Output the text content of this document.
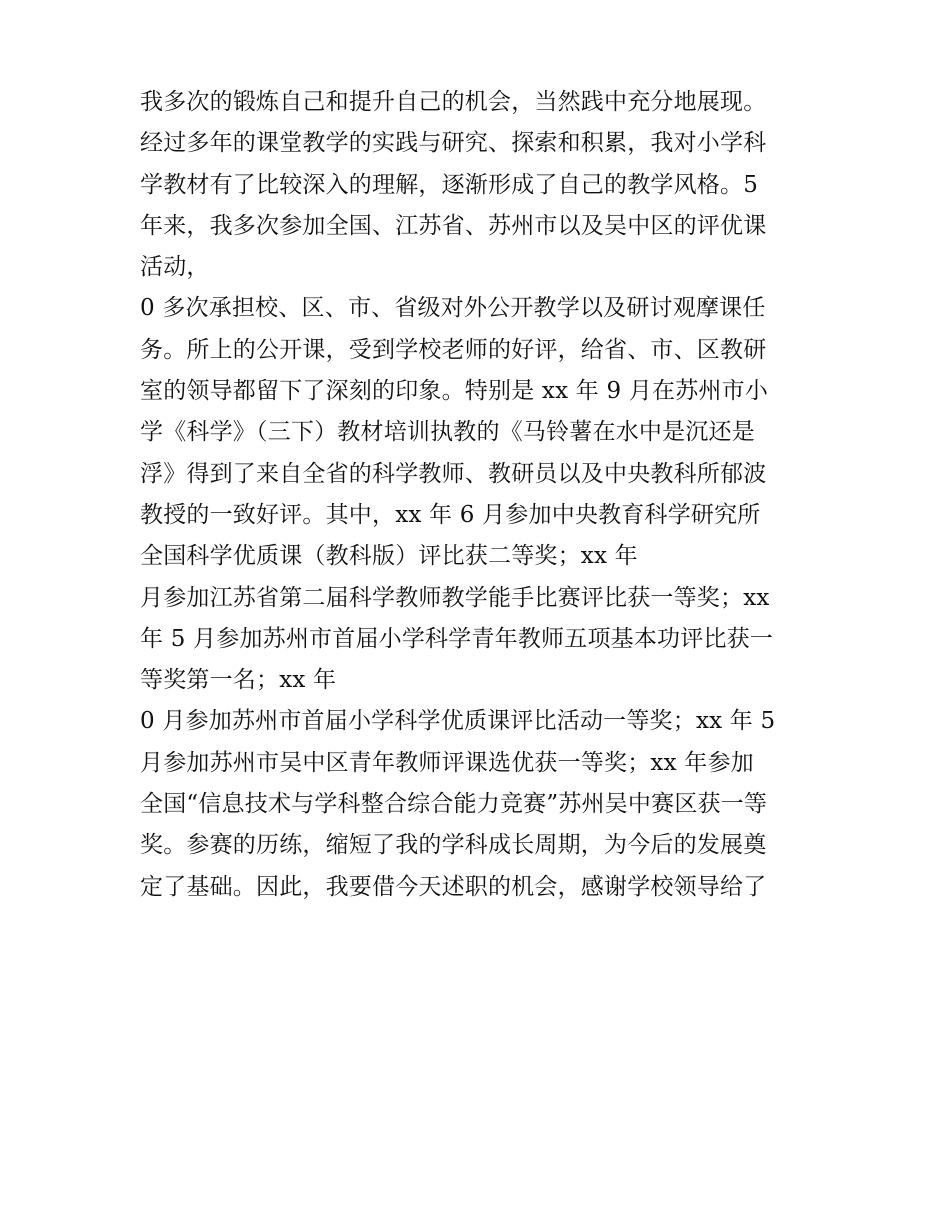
我多次的锻炼自己和提升自己的机会，当然践中充分地展现。
经过多年的课堂教学的实践与研究、探索和积累，我对小学科
学教材有了比较深入的理解，逐渐形成了自己的教学风格。5
年来，我多次参加全国、江苏省、苏州市以及吴中区的评优课
活动，
0 多次承担校、区、市、省级对外公开教学以及研讨观摩课任
务。所上的公开课，受到学校老师的好评，给省、市、区教研
室的领导都留下了深刻的印象。特别是 xx 年 9 月在苏州市小
学《科学》（三下）教材培训执教的《马铃薯在水中是沉还是
浮》得到了来自全省的科学教师、教研员以及中央教科所郁波
教授的一致好评。其中，xx 年 6 月参加中央教育科学研究所
全国科学优质课（教科版）评比获二等奖；xx 年
月参加江苏省第二届科学教师教学能手比赛评比获一等奖；xx
年 5 月参加苏州市首届小学科学青年教师五项基本功评比获一
等奖第一名；xx 年
0 月参加苏州市首届小学科学优质课评比活动一等奖；xx 年 5
月参加苏州市吴中区青年教师评课选优获一等奖；xx 年参加
全国“信息技术与学科整合综合能力竞赛”苏州吴中赛区获一等
奖。参赛的历练，缩短了我的学科成长周期，为今后的发展奠
定了基础。因此，我要借今天述职的机会，感谢学校领导给了
